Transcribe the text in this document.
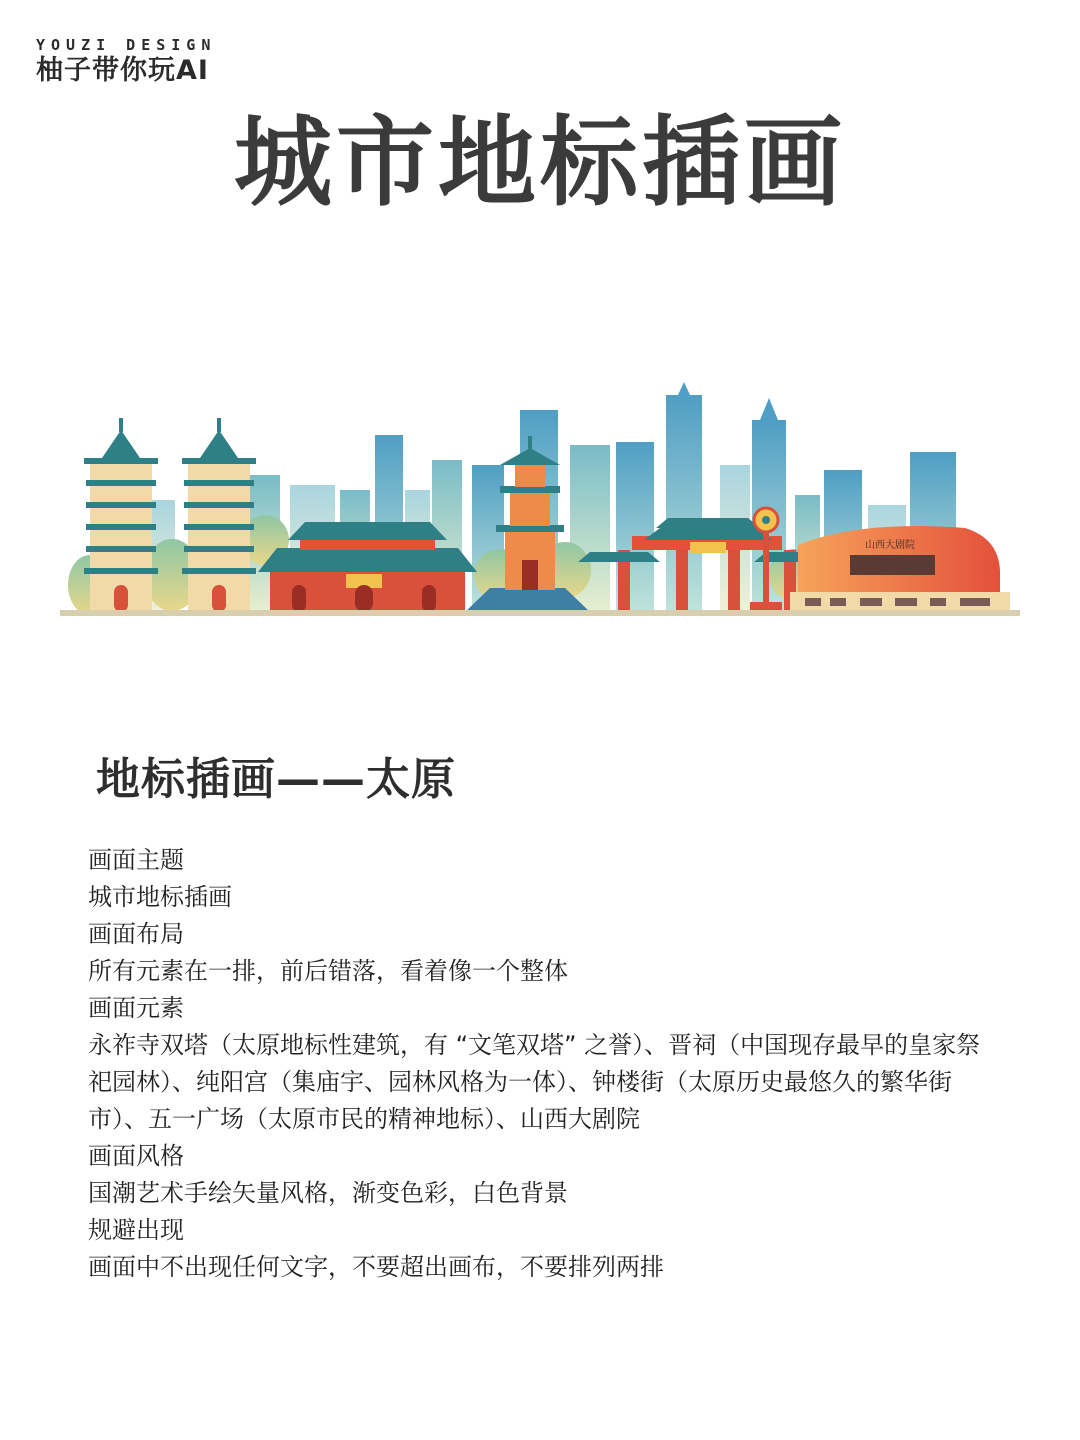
YOUZI DESIGN
柚子带你玩AI
城市地标插画
山西大剧院
地标插画——太原
画面主题
城市地标插画
画面布局
所有元素在一排，前后错落，看着像一个整体
画面元素
永祚寺双塔（太原地标性建筑，有 “文笔双塔” 之誉）、晋祠（中国现存最早的皇家祭祀园林）、纯阳宫（集庙宇、园林风格为一体）、钟楼街（太原历史最悠久的繁华街市）、五一广场（太原市民的精神地标）、山西大剧院
画面风格
国潮艺术手绘矢量风格，渐变色彩，白色背景
规避出现
画面中不出现任何文字，不要超出画布，不要排列两排
